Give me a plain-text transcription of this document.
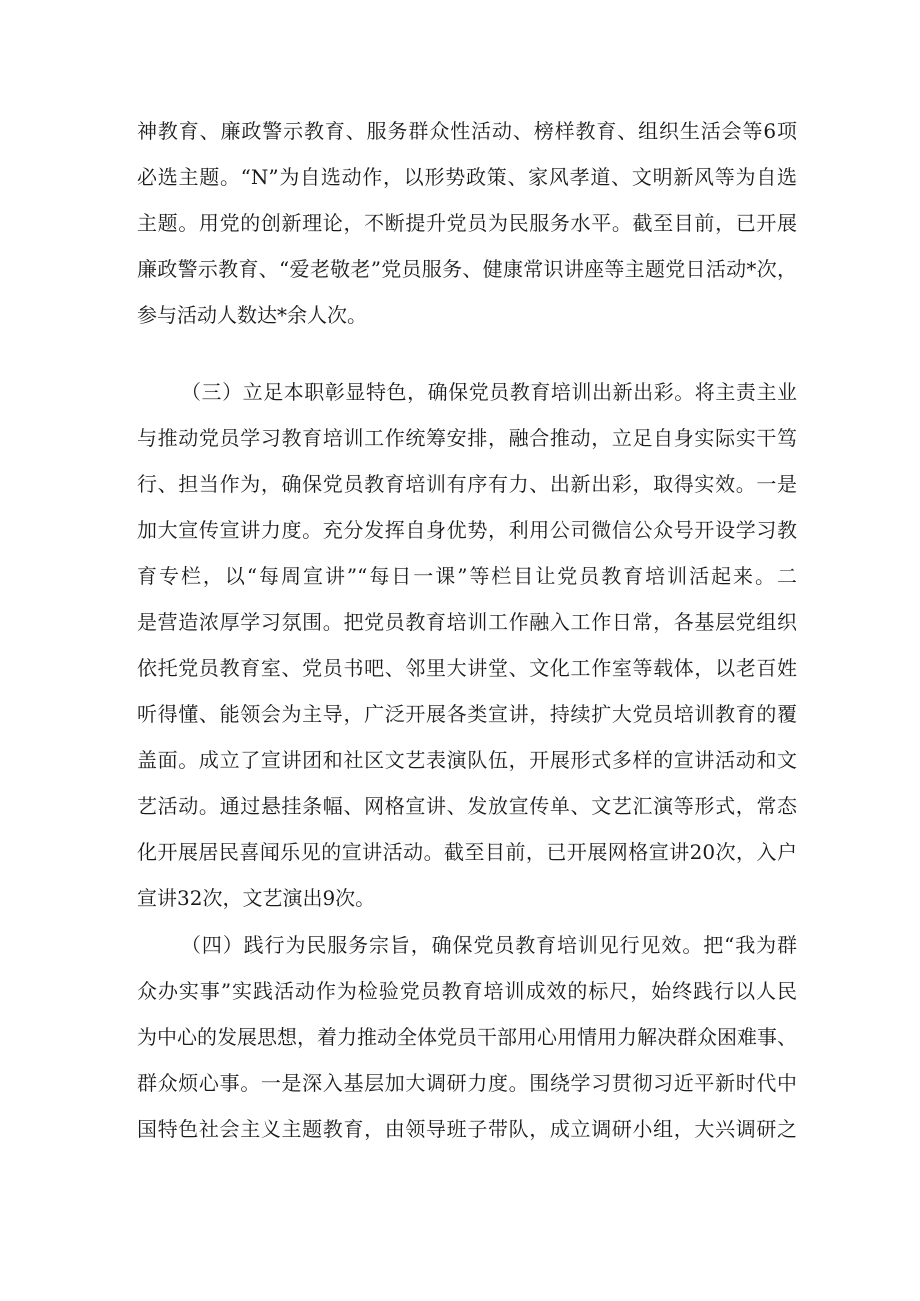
神教育、廉政警示教育、服务群众性活动、榜样教育、组织生活会等6项
必选主题。“N”为自选动作，以形势政策、家风孝道、文明新风等为自选
主题。用党的创新理论，不断提升党员为民服务水平。截至目前，已开展
廉政警示教育、“爱老敬老”党员服务、健康常识讲座等主题党日活动*次，
参与活动人数达*余人次。
（三）立足本职彰显特色，确保党员教育培训出新出彩。将主责主业
与推动党员学习教育培训工作统筹安排，融合推动，立足自身实际实干笃
行、担当作为，确保党员教育培训有序有力、出新出彩，取得实效。一是
加大宣传宣讲力度。充分发挥自身优势，利用公司微信公众号开设学习教
育专栏，以“每周宣讲”“每日一课”等栏目让党员教育培训活起来。二
是营造浓厚学习氛围。把党员教育培训工作融入工作日常，各基层党组织
依托党员教育室、党员书吧、邻里大讲堂、文化工作室等载体，以老百姓
听得懂、能领会为主导，广泛开展各类宣讲，持续扩大党员培训教育的覆
盖面。成立了宣讲团和社区文艺表演队伍，开展形式多样的宣讲活动和文
艺活动。通过悬挂条幅、网格宣讲、发放宣传单、文艺汇演等形式，常态
化开展居民喜闻乐见的宣讲活动。截至目前，已开展网格宣讲20次，入户
宣讲32次，文艺演出9次。
（四）践行为民服务宗旨，确保党员教育培训见行见效。把“我为群
众办实事”实践活动作为检验党员教育培训成效的标尺，始终践行以人民
为中心的发展思想，着力推动全体党员干部用心用情用力解决群众困难事、
群众烦心事。一是深入基层加大调研力度。围绕学习贯彻习近平新时代中
国特色社会主义主题教育，由领导班子带队，成立调研小组，大兴调研之
